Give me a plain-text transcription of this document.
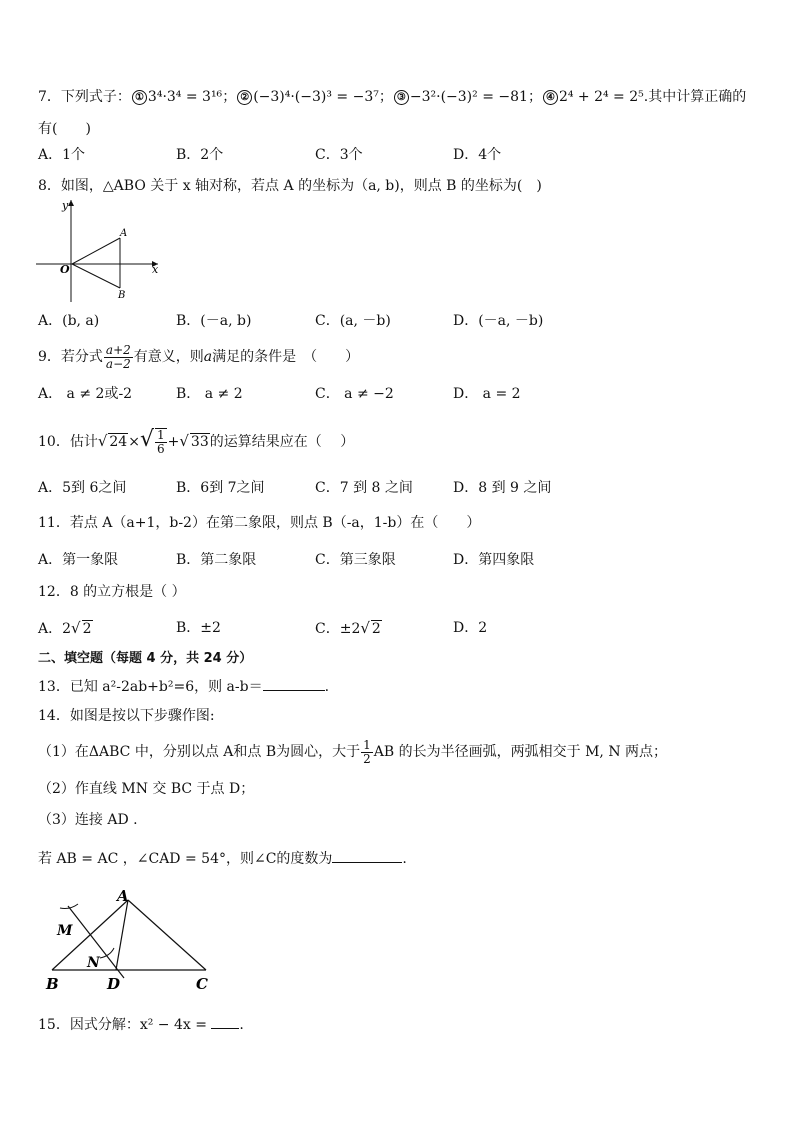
7．下列式子： ① 3⁴·3⁴ = 3¹⁶； ② (−3)⁴·(−3)³ = −3⁷； ③ −3²·(−3)² = −81； ④ 2⁴ + 2⁴ = 2⁵.其中计算正确的
有(　　)
A．1个	B．2个	C．3个	D．4个
8．如图，△ABO 关于 x 轴对称，若点 A 的坐标为（a, b)，则点 B 的坐标为(　)
y
x
O
A
B
A．(b, a)	B．(－a, b)	C．(a, －b)	D．(－a, －b)
9．若分式 $\frac{a+2}{a-2}$ 有意义，则a满足的条件是　（　　）
A． a ≠ 2或-2	B． a ≠ 2	C． a ≠ −2	D． a = 2
10．估计√ $24\times√ \frac{1}{6}$ +√ 33的运算结果应在（　 ）
A．5到 6之间	B．6到 7之间	C．7 到 8 之间	D．8 到 9 之间
11．若点 A（a+1，b-2）在第二象限，则点 B（-a，1-b）在（　　）
A．第一象限	B．第二象限	C．第三象限	D．第四象限
12．8 的立方根是（ ）
A．2√ 2	B．±2	C．±2√ 2	D．2
二、填空题（每题 4 分，共 24 分）
13．已知 a²-2ab+b²=6，则 a-b＝	.
14．如图是按以下步骤作图:
（1）在ΔABC 中，分别以点 A和点 B为圆心，大于 $\frac{1}{2}$ AB 的长为半径画弧，两弧相交于 M, N 两点；
（2）作直线 MN 交 BC 于点 D；
（3）连接 AD .
若 AB = AC ，∠CAD = 54°，则∠C的度数为	.
A
M
N
B	D	C
15．因式分解：x² − 4x = .
